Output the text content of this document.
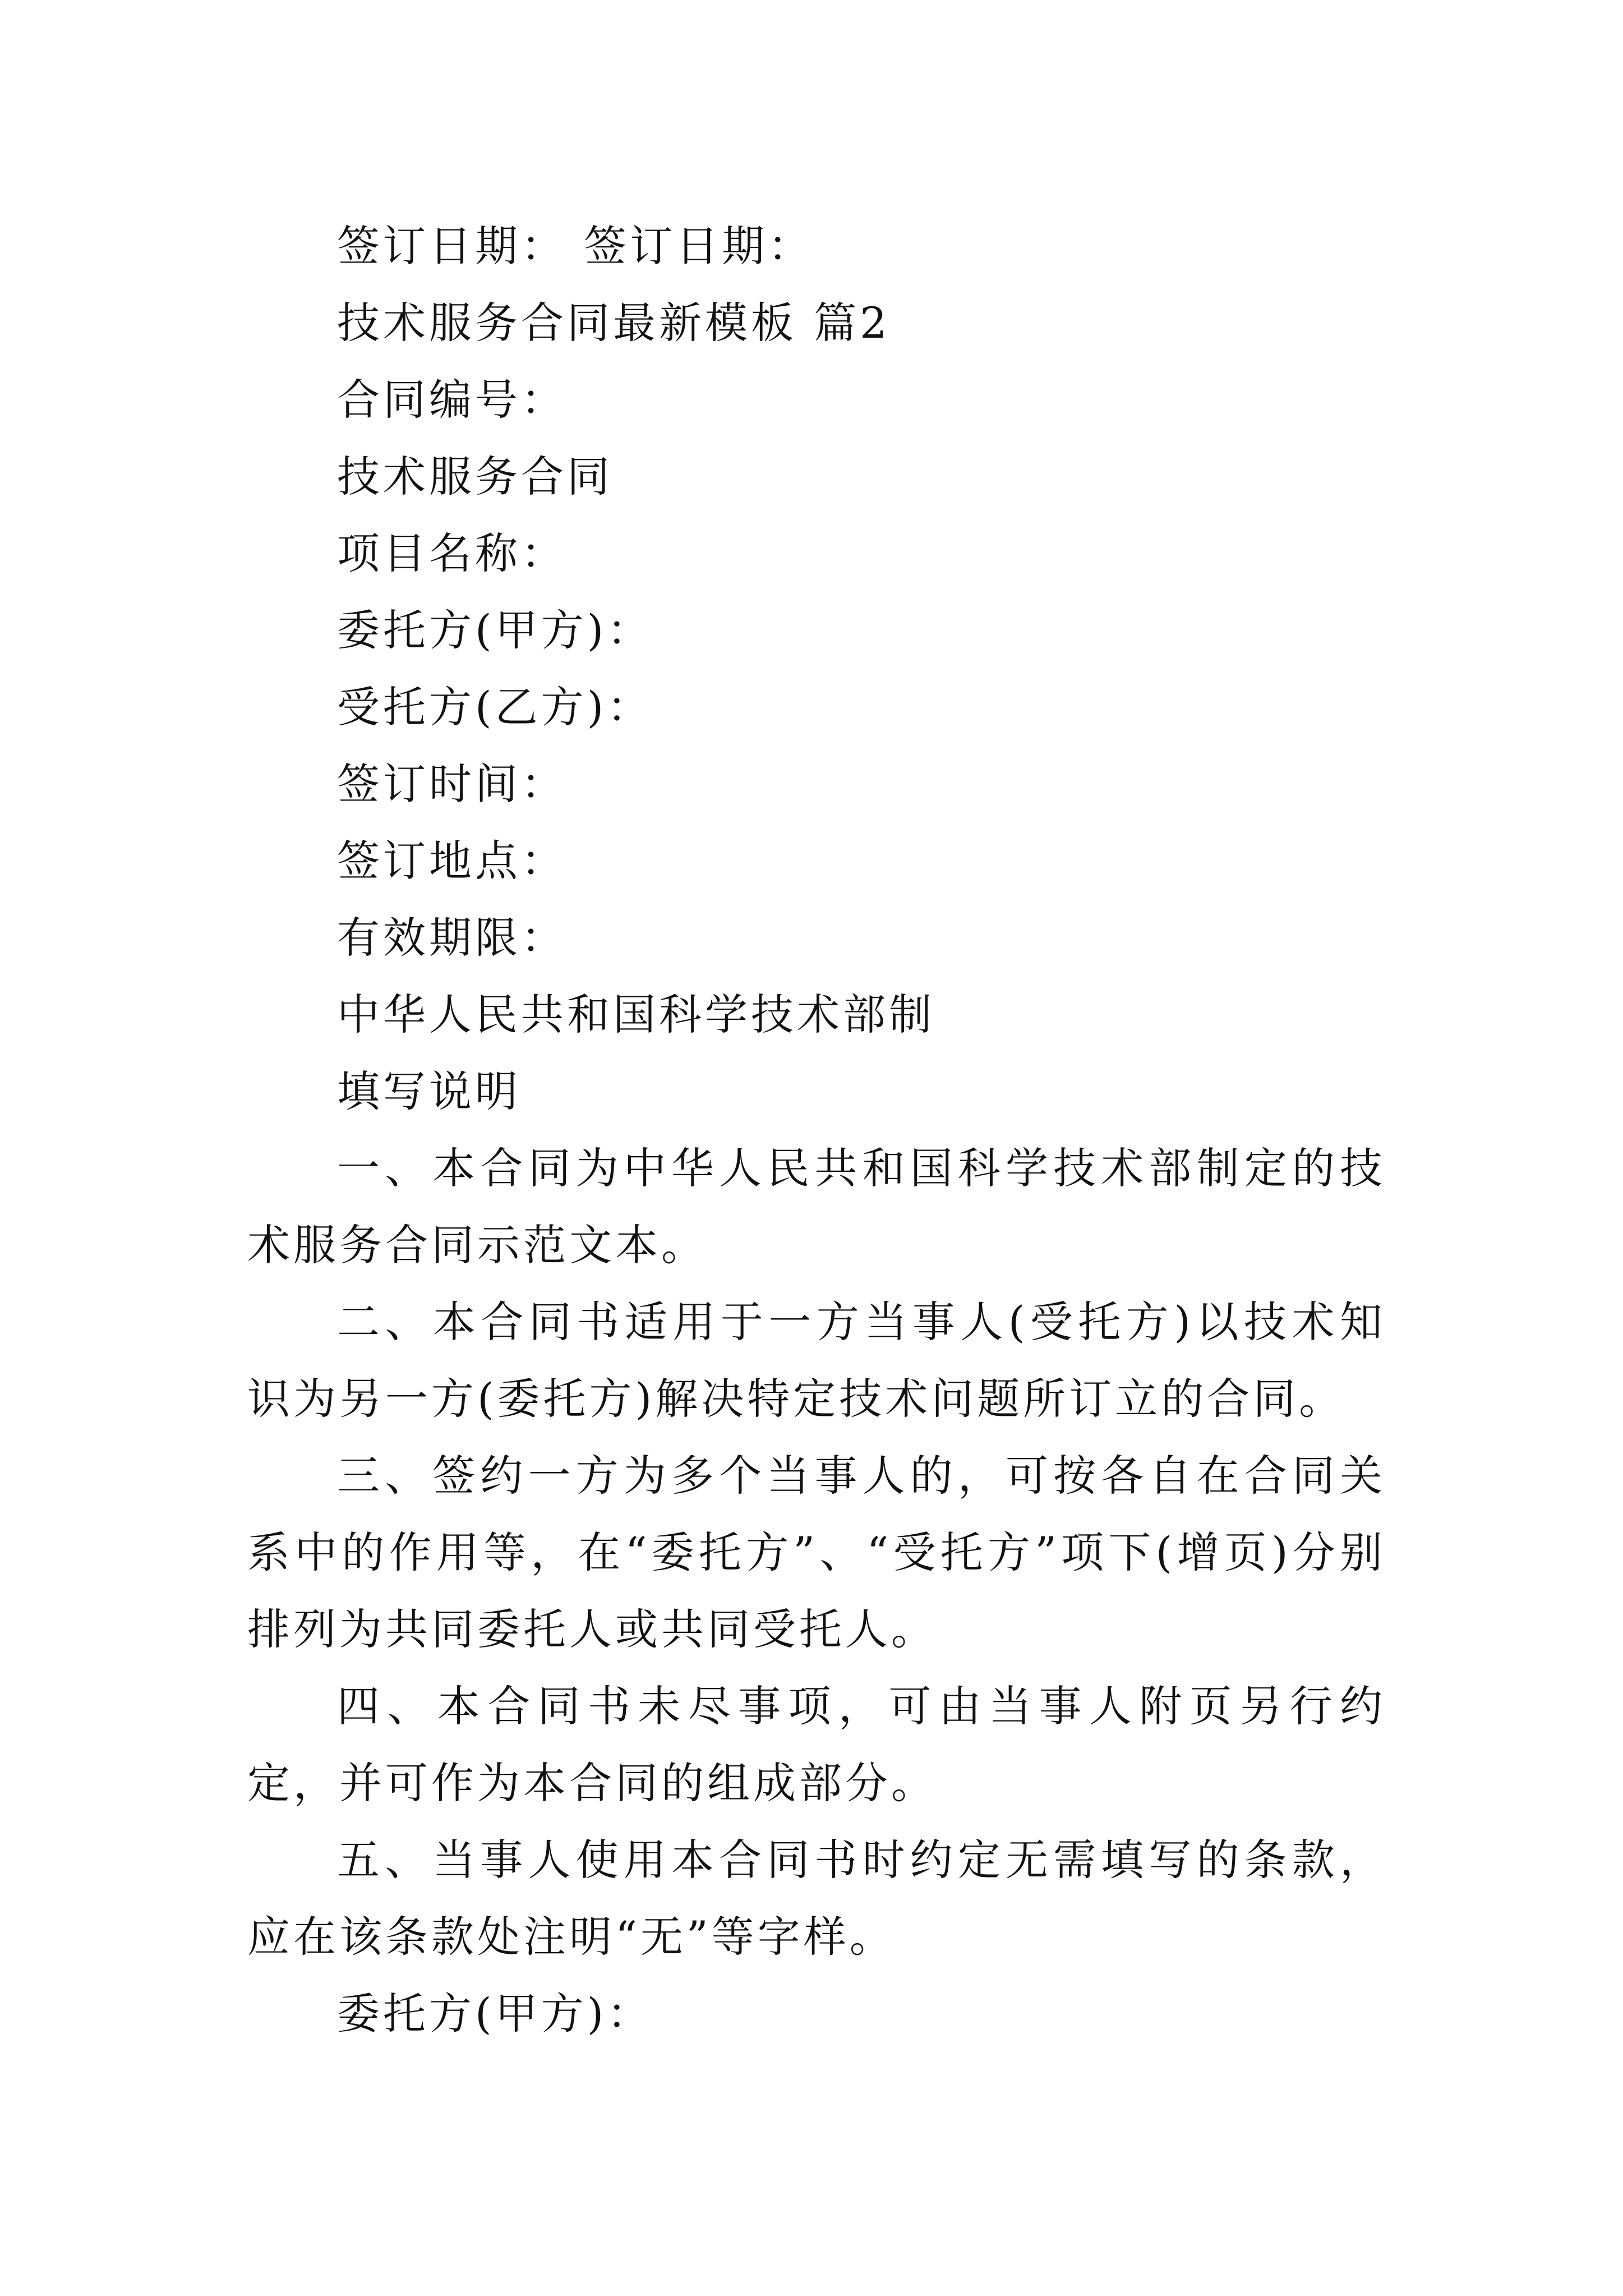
签订日期： 签订日期：
技术服务合同最新模板 篇2
合同编号：
技术服务合同
项目名称：
委托方(甲方)：
受托方(乙方)：
签订时间：
签订地点：
有效期限：
中华人民共和国科学技术部制
填写说明
一、本合同为中华人民共和国科学技术部制定的技术服务合同示范文本。
二、本合同书适用于一方当事人(受托方)以技术知识为另一方(委托方)解决特定技术问题所订立的合同。
三、签约一方为多个当事人的，可按各自在合同关系中的作用等，在“委托方”、“受托方”项下(增页)分别排列为共同委托人或共同受托人。
四、本合同书未尽事项，可由当事人附页另行约定，并可作为本合同的组成部分。
五、当事人使用本合同书时约定无需填写的条款，应在该条款处注明“无”等字样。
委托方(甲方)：
